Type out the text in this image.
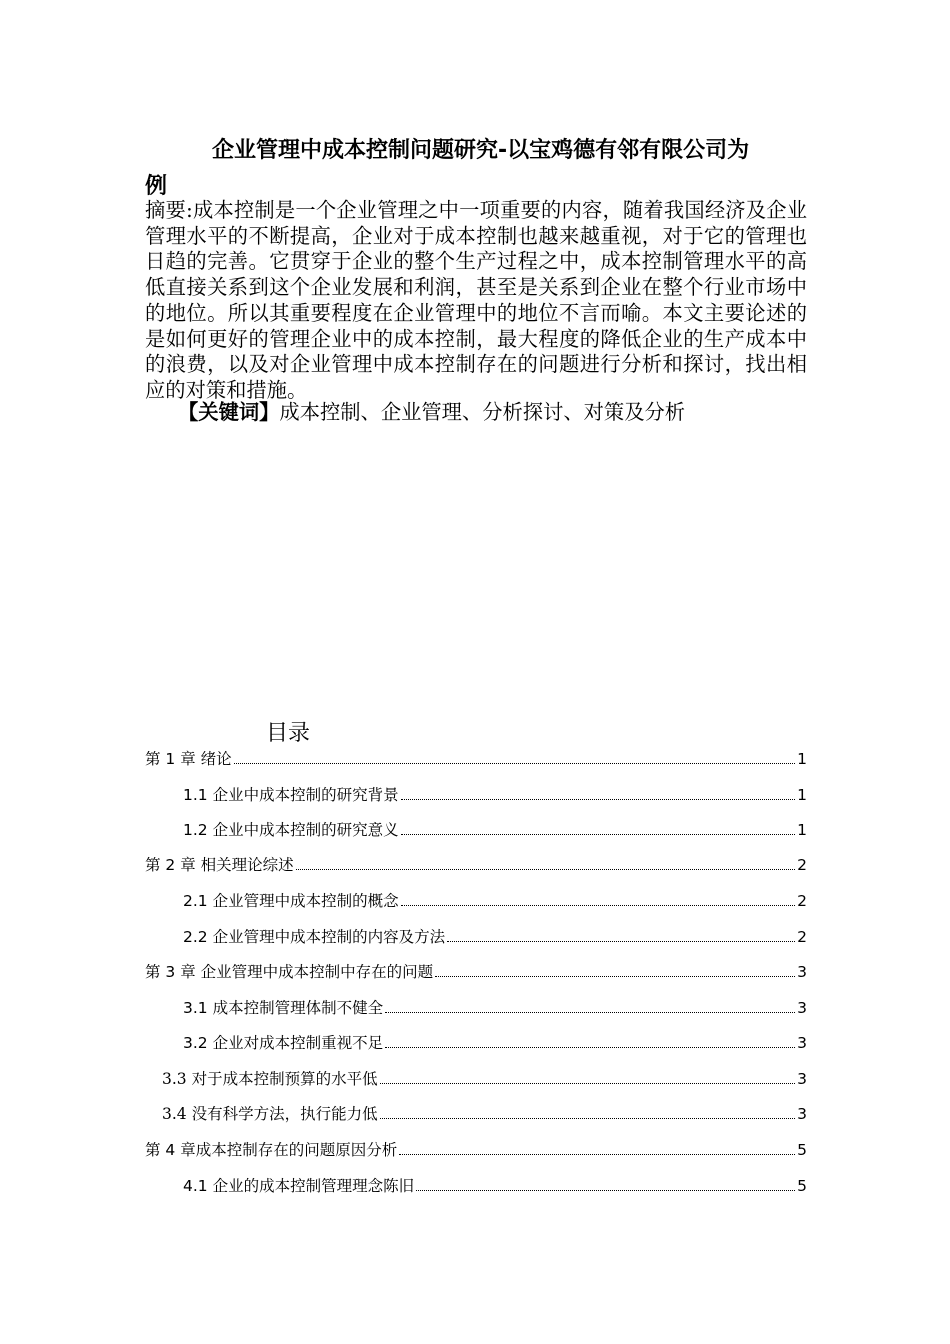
企业管理中成本控制问题研究-以宝鸡德有邻有限公司为
例
摘要:成本控制是一个企业管理之中一项重要的内容，随着我国经济及企业管理水平的不断提高，企业对于成本控制也越来越重视，对于它的管理也日趋的完善。它贯穿于企业的整个生产过程之中，成本控制管理水平的高低直接关系到这个企业发展和利润，甚至是关系到企业在整个行业市场中的地位。所以其重要程度在企业管理中的地位不言而喻。本文主要论述的是如何更好的管理企业中的成本控制，最大程度的降低企业的生产成本中的浪费，以及对企业管理中成本控制存在的问题进行分析和探讨，找出相应的对策和措施。
【关键词】成本控制、企业管理、分析探讨、对策及分析
目录
第 1 章 绪论	1
1.1 企业中成本控制的研究背景	1
1.2 企业中成本控制的研究意义	1
第 2 章 相关理论综述	2
2.1 企业管理中成本控制的概念	2
2.2 企业管理中成本控制的内容及方法	2
第 3 章 企业管理中成本控制中存在的问题	3
3.1 成本控制管理体制不健全	3
3.2 企业对成本控制重视不足	3
3.3 对于成本控制预算的水平低	3
3.4 没有科学方法，执行能力低	3
第 4 章成本控制存在的问题原因分析	5
4.1 企业的成本控制管理理念陈旧	5
